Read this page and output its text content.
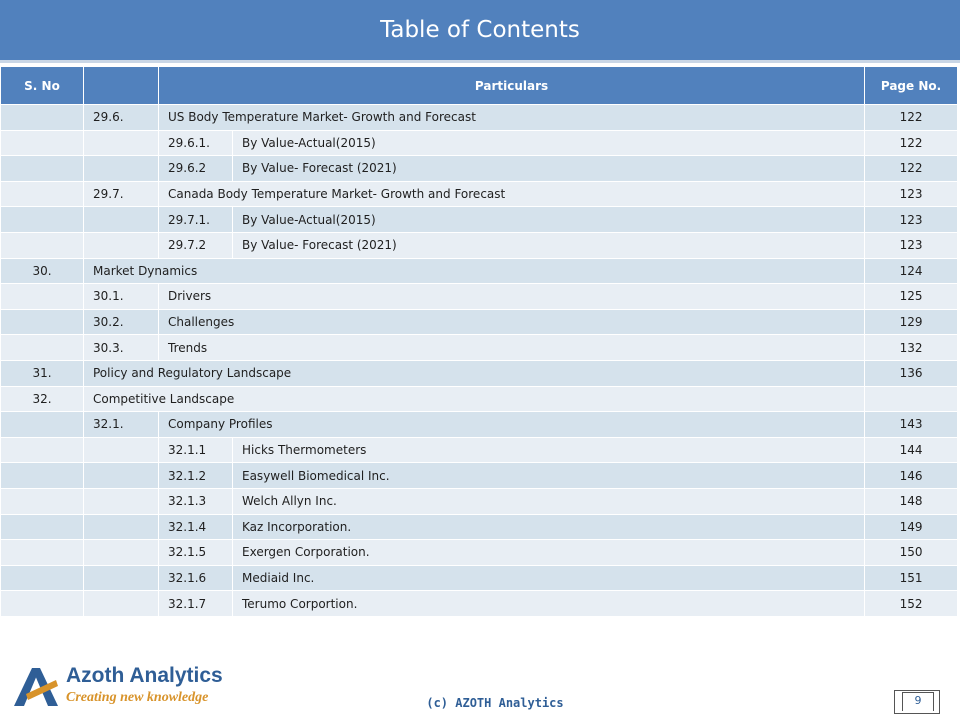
Table of Contents
S. No		Particulars		Page No.
	29.6.	US Body Temperature Market- Growth and Forecast		122
		29.6.1.	By Value-Actual(2015)	122
		29.6.2	By Value- Forecast (2021)	122
	29.7.	Canada Body Temperature Market- Growth and Forecast		123
		29.7.1.	By Value-Actual(2015)	123
		29.7.2	By Value- Forecast (2021)	123
30.	Market Dynamics			124
	30.1.	Drivers		125
	30.2.	Challenges		129
	30.3.	Trends		132
31.	Policy and Regulatory Landscape			136
32.	Competitive Landscape			
	32.1.	Company Profiles		143
		32.1.1	Hicks Thermometers	144
		32.1.2	Easywell Biomedical Inc.	146
		32.1.3	Welch Allyn Inc.	148
		32.1.4	Kaz Incorporation.	149
		32.1.5	Exergen Corporation.	150
		32.1.6	Mediaid Inc.	151
		32.1.7	Terumo Corportion.	152
Azoth Analytics
Creating new knowledge	(c) AZOTH Analytics	9
